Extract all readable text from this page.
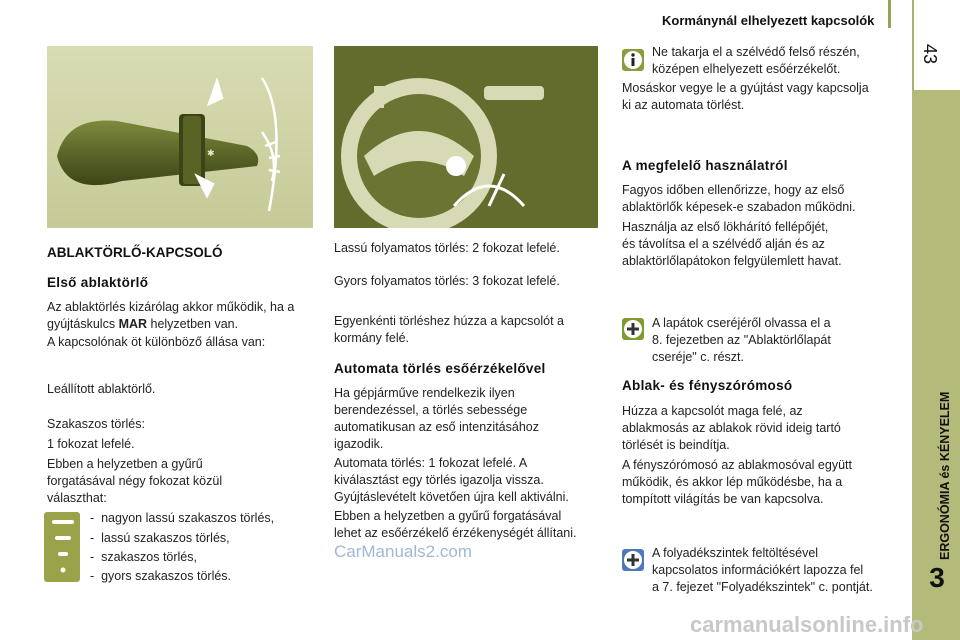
Kormánynál elhelyezett kapcsolók
43
ERGONÓMIA és KÉNYELEM
3
✱
ABLAKTÖRLŐ-KAPCSOLÓ
Első ablaktörlő
Az ablaktörlés kizárólag akkor működik, ha a
gyújtáskulcs MAR helyzetben van.
A kapcsolónak öt különböző állása van:
Leállított ablaktörlő.
Szakaszos törlés:
1 fokozat lefelé.
Ebben a helyzetben a gyűrű
forgatásával négy fokozat közül
választhat:
-  nagyon lassú szakaszos törlés,
-  lassú szakaszos törlés,
-  szakaszos törlés,
-  gyors szakaszos törlés.
Lassú folyamatos törlés: 2 fokozat lefelé.
Gyors folyamatos törlés: 3 fokozat lefelé.
Egyenkénti törléshez húzza a kapcsolót a
kormány felé.
Automata törlés esőérzékelővel
Ha gépjárműve rendelkezik ilyen
berendezéssel, a törlés sebessége
automatikusan az eső intenzitásához
igazodik.
Automata törlés: 1 fokozat lefelé. A
kiválasztást egy törlés igazolja vissza.
Gyújtáslevételt követően újra kell aktiválni.
Ebben a helyzetben a gyűrű forgatásával
lehet az esőérzékelő érzékenységét állítani.
CarManuals2.com
Ne takarja el a szélvédő felső részén,
középen elhelyezett esőérzékelőt.
Mosáskor vegye le a gyújtást vagy kapcsolja
ki az automata törlést.
A megfelelő használatról
Fagyos időben ellenőrizze, hogy az első
ablaktörlők képesek-e szabadon működni.
Használja az első lökhárító fellépőjét,
és távolítsa el a szélvédő alján és az
ablaktörlőlapátokon felgyülemlett havat.
A lapátok cseréjéről olvassa el a
8. fejezetben az "Ablaktörlőlapát
cseréje" c. részt.
Ablak- és fényszórómosó
Húzza a kapcsolót maga felé, az
ablakmosás az ablakok rövid ideig tartó
törlését is beindítja.
A fényszórómosó az ablakmosóval együtt
működik, és akkor lép működésbe, ha a
tompított világítás be van kapcsolva.
A folyadékszintek feltöltésével
kapcsolatos információkért lapozza fel
a 7. fejezet "Folyadékszintek" c. pontját.
carmanualsonline.info
